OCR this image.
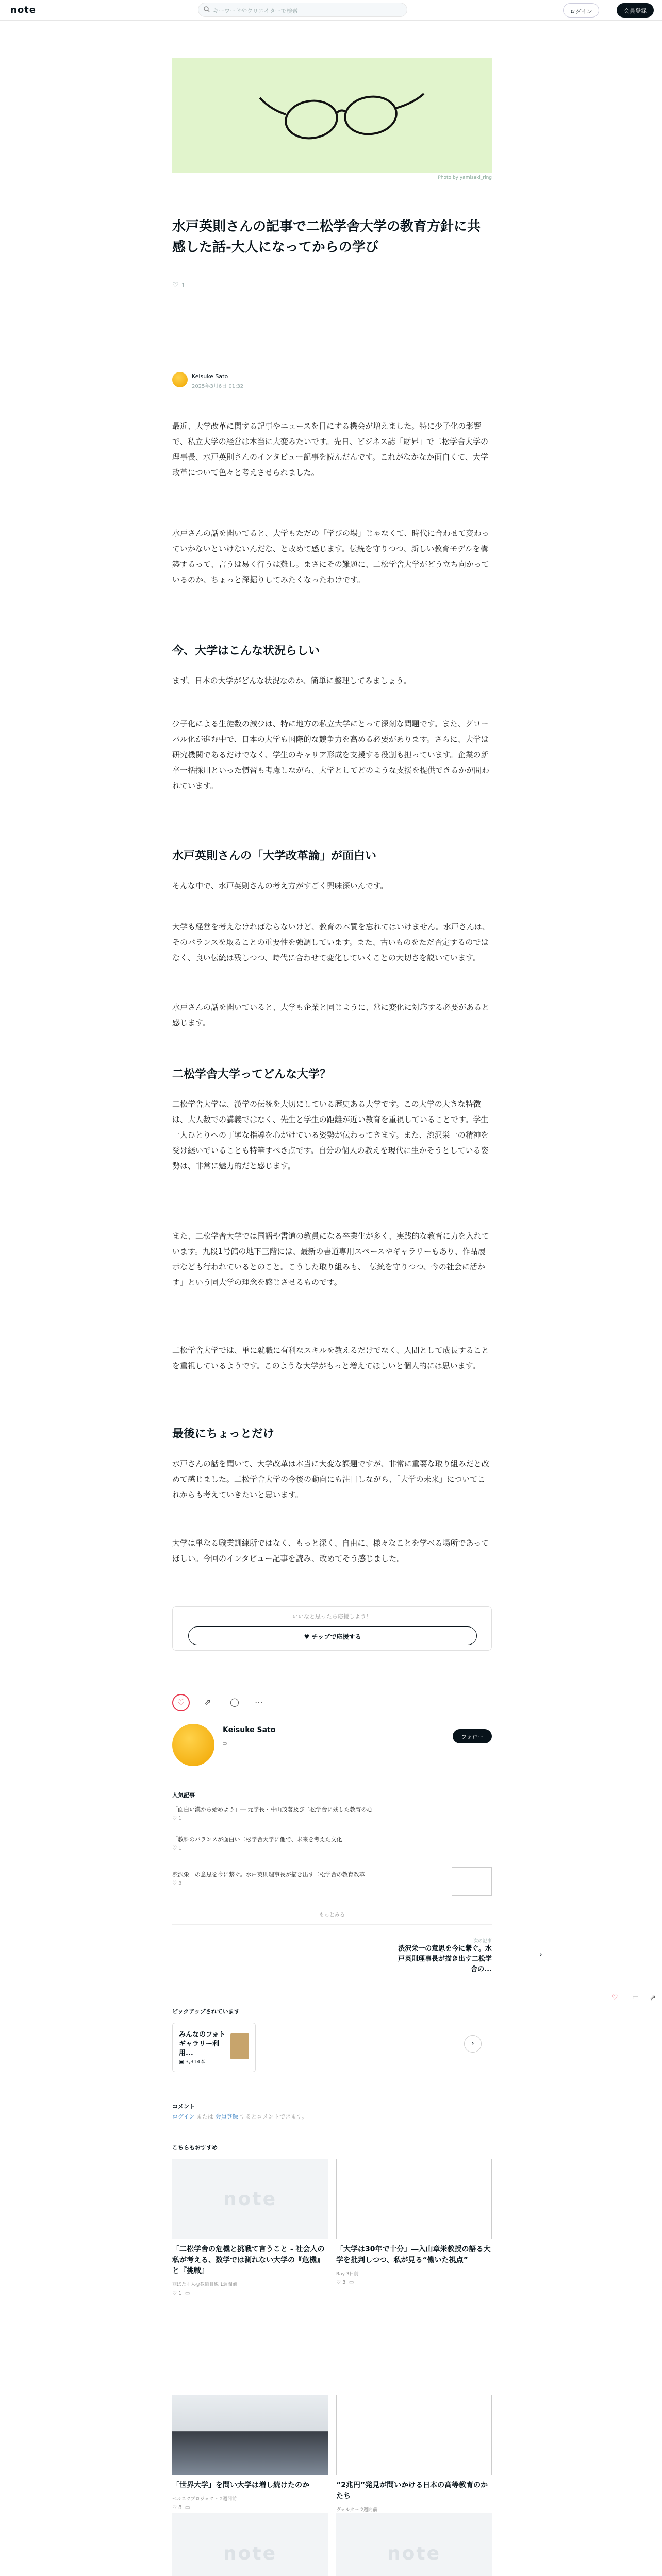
note	キーワードやクリエイターで検索	ログイン	会員登録
Photo by yamisaki_ring
水戸英則さんの記事で二松学舎大学の教育方針に共感した話-大人になってからの学び
♡ 1
Keisuke Sato
2025年3月6日 01:32
最近、大学改革に関する記事やニュースを目にする機会が増えました。特に少子化の影響で、私立大学の経営は本当に大変みたいです。先日、ビジネス誌「財界」で二松学舎大学の理事長、水戸英則さんのインタビュー記事を読んだんです。これがなかなか面白くて、大学改革について色々と考えさせられました。
水戸さんの話を聞いてると、大学もただの「学びの場」じゃなくて、時代に合わせて変わっていかないといけないんだな、と改めて感じます。伝統を守りつつ、新しい教育モデルを構築するって、言うは易く行うは難し。まさにその難題に、二松学舎大学がどう立ち向かっているのか、ちょっと深掘りしてみたくなったわけです。
今、大学はこんな状況らしい
まず、日本の大学がどんな状況なのか、簡単に整理してみましょう。
少子化による生徒数の減少は、特に地方の私立大学にとって深刻な問題です。また、グローバル化が進む中で、日本の大学も国際的な競争力を高める必要があります。さらに、大学は研究機関であるだけでなく、学生のキャリア形成を支援する役割も担っています。企業の新卒一括採用といった慣習も考慮しながら、大学としてどのような支援を提供できるかが問われています。
水戸英則さんの「大学改革論」が面白い
そんな中で、水戸英則さんの考え方がすごく興味深いんです。
大学も経営を考えなければならないけど、教育の本質を忘れてはいけません。水戸さんは、そのバランスを取ることの重要性を強調しています。また、古いものをただ否定するのではなく、良い伝統は残しつつ、時代に合わせて変化していくことの大切さを説いています。
水戸さんの話を聞いていると、大学も企業と同じように、常に変化に対応する必要があると感じます。
二松学舎大学ってどんな大学？
二松学舎大学は、漢学の伝統を大切にしている歴史ある大学です。この大学の大きな特徴は、大人数での講義ではなく、先生と学生の距離が近い教育を重視していることです。学生一人ひとりへの丁寧な指導を心がけている姿勢が伝わってきます。また、渋沢栄一の精神を受け継いでいることも特筆すべき点です。自分の個人の教えを現代に生かそうとしている姿勢は、非常に魅力的だと感じます。
また、二松学舎大学では国語や書道の教員になる卒業生が多く、実践的な教育に力を入れています。九段1号館の地下三階には、最新の書道専用スペースやギャラリーもあり、作品展示なども行われているとのこと。こうした取り組みも、「伝統を守りつつ、今の社会に活かす」という同大学の理念を感じさせるものです。
二松学舎大学では、単に就職に有利なスキルを教えるだけでなく、人間として成長することを重視しているようです。このような大学がもっと増えてほしいと個人的には思います。
最後にちょっとだけ
水戸さんの話を聞いて、大学改革は本当に大変な課題ですが、非常に重要な取り組みだと改めて感じました。二松学舎大学の今後の動向にも注目しながら、「大学の未来」についてこれからも考えていきたいと思います。
大学は単なる職業訓練所ではなく、もっと深く、自由に、様々なことを学べる場所であってほしい。今回のインタビュー記事を読み、改めてそう感じました。
いいなと思ったら応援しよう！
♥ チップで応援する
♡	⇗	◯	⋯
Keisuke Sato
⊃
フォロー
人気記事
「面白い漢から始めよう」― 元学長・中山茂著及び二松学舎に残した教育の心
♡ 1
「教科のバランスが面白い二松学舎大学に他で、未来を考えた文化
♡ 1
渋沢栄一の意思を今に繋ぐ。水戸英則理事長が描き出す二松学舎の教育改革
♡ 3
もっとみる
次の記事
渋沢栄一の意思を今に繋ぐ。水戸英則理事長が描き出す二松学舎の...
›
♡ ▭ ⇗
ピックアップされています
みんなのフォトギャラリー利用...
▣ 3,314本
›
コメント
ログイン または 会員登録 するとコメントできます。
こちらもおすすめ
note
「二松学舎の危機と挑戦て言うこと - 社会人の私が考える、数学では測れない大学の『危機』と『挑戦』
羽ばたく人@教師目線 1週間前
♡ 1  ▭
「大学は30年で十分」―入山章栄教授の語る大学を批判しつつ、私が見る“働いた視点”
Ray 3日前
♡ 3  ▭
「世界大学」を問い大学は増し続けたのか
ベルスクプロジェクト 2週間前
♡ 8  ▭
“2兆円”発見が問いかける日本の高等教育のかたち
ヴォルター 2週間前
note	note
